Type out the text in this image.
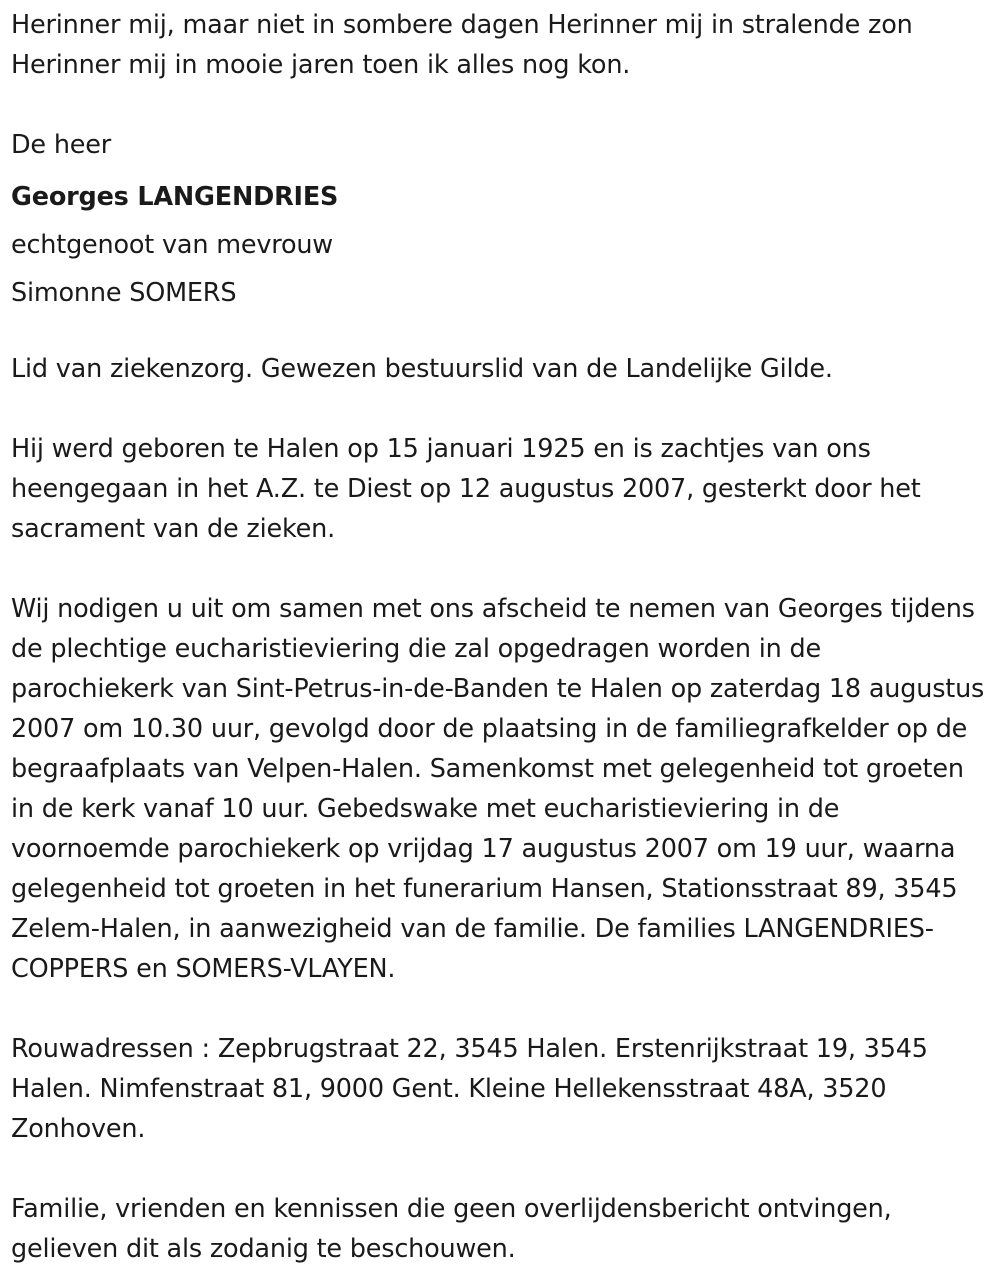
Herinner mij, maar niet in sombere dagen Herinner mij in stralende zon

Herinner mij in mooie jaren toen ik alles nog kon.

De heer

Georges LANGENDRIES

echtgenoot van mevrouw

Simonne SOMERS

Lid van ziekenzorg. Gewezen bestuurslid van de Landelijke Gilde.

Hij werd geboren te Halen op 15 januari 1925 en is zachtjes van ons heengegaan in het A.Z. te Diest op 12 augustus 2007, gesterkt door het sacrament van de zieken.

Wij nodigen u uit om samen met ons afscheid te nemen van Georges tijdens de plechtige eucharistieviering die zal opgedragen worden in de parochiekerk van Sint-Petrus-in-de-Banden te Halen op zaterdag 18 augustus 2007 om 10.30 uur, gevolgd door de plaatsing in de familiegrafkelder op de begraafplaats van Velpen-Halen. Samenkomst met gelegenheid tot groeten in de kerk vanaf 10 uur. Gebedswake met eucharistieviering in de voornoemde parochiekerk op vrijdag 17 augustus 2007 om 19 uur, waarna gelegenheid tot groeten in het funerarium Hansen, Stationsstraat 89, 3545 Zelem-Halen, in aanwezigheid van de familie. De families LANGENDRIES-COPPERS en SOMERS-VLAYEN.

Rouwadressen : Zepbrugstraat 22, 3545 Halen. Erstenrijkstraat 19, 3545 Halen. Nimfenstraat 81, 9000 Gent. Kleine Hellekensstraat 48A, 3520 Zonhoven.

Familie, vrienden en kennissen die geen overlijdensbericht ontvingen, gelieven dit als zodanig te beschouwen.
